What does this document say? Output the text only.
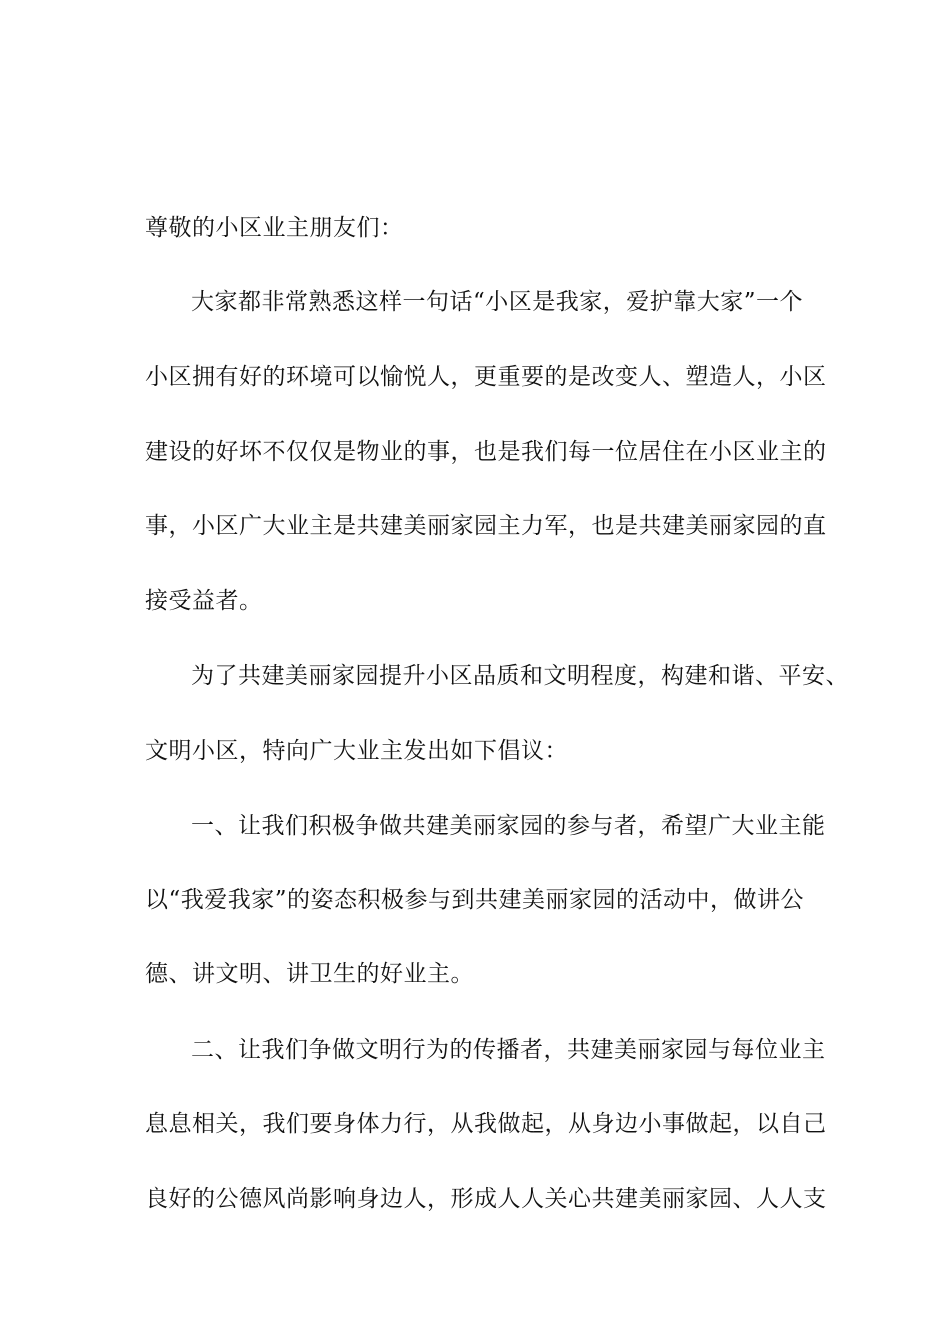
尊敬的小区业主朋友们：
大家都非常熟悉这样一句话“小区是我家，爱护靠大家”一个
小区拥有好的环境可以愉悦人，更重要的是改变人、塑造人，小区
建设的好坏不仅仅是物业的事，也是我们每一位居住在小区业主的
事，小区广大业主是共建美丽家园主力军，也是共建美丽家园的直
接受益者。
为了共建美丽家园提升小区品质和文明程度，构建和谐、平安、
文明小区，特向广大业主发出如下倡议：
一、让我们积极争做共建美丽家园的参与者，希望广大业主能
以“我爱我家”的姿态积极参与到共建美丽家园的活动中，做讲公
德、讲文明、讲卫生的好业主。
二、让我们争做文明行为的传播者，共建美丽家园与每位业主
息息相关，我们要身体力行，从我做起，从身边小事做起，以自己
良好的公德风尚影响身边人，形成人人关心共建美丽家园、人人支
